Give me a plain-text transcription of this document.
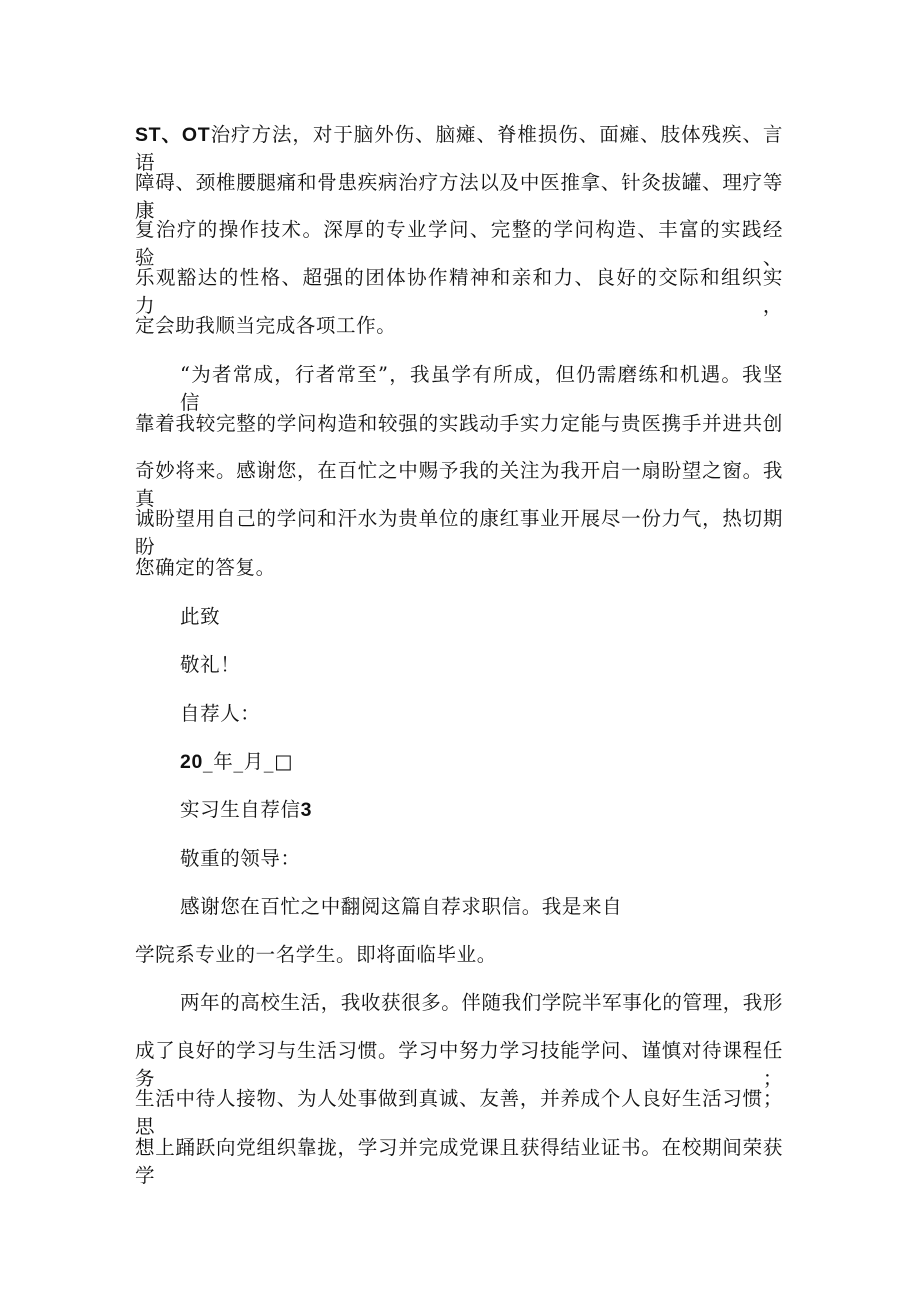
ST、OT治疗方法，对于脑外伤、脑瘫、脊椎损伤、面瘫、肢体残疾、言语
障碍、颈椎腰腿痛和骨患疾病治疗方法以及中医推拿、针灸拔罐、理疗等康
复治疗的操作技术。深厚的专业学问、完整的学问构造、丰富的实践经验、
乐观豁达的性格、超强的团体协作精神和亲和力、良好的交际和组织实力，
定会助我顺当完成各项工作。
“为者常成，行者常至”，我虽学有所成，但仍需磨练和机遇。我坚信
靠着我较完整的学问构造和较强的实践动手实力定能与贵医携手并进共创
奇妙将来。感谢您，在百忙之中赐予我的关注为我开启一扇盼望之窗。我真
诚盼望用自己的学问和汗水为贵单位的康红事业开展尽一份力气，热切期盼
您确定的答复。
此致
敬礼！
自荐人：
20_年_月_□
实习生自荐信3
敬重的领导：
感谢您在百忙之中翻阅这篇自荐求职信。我是来自
学院系专业的一名学生。即将面临毕业。
两年的高校生活，我收获很多。伴随我们学院半军事化的管理，我形
成了良好的学习与生活习惯。学习中努力学习技能学问、谨慎对待课程任务；
生活中待人接物、为人处事做到真诚、友善，并养成个人良好生活习惯；思
想上踊跃向党组织靠拢，学习并完成党课且获得结业证书。在校期间荣获学
